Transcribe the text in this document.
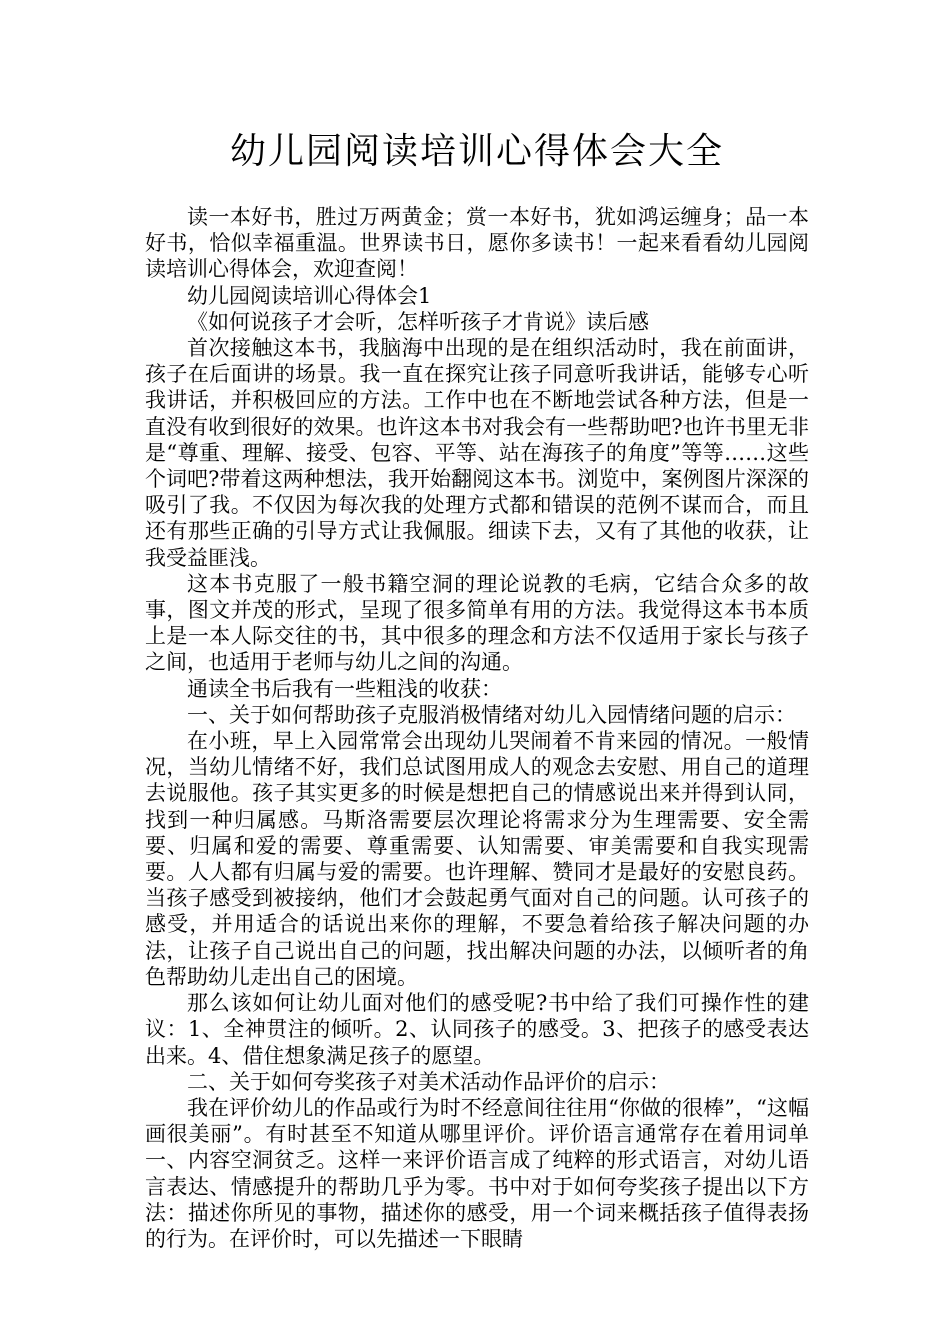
幼儿园阅读培训心得体会大全

读一本好书，胜过万两黄金；赏一本好书，犹如鸿运缠身；品一本好书，恰似幸福重温。世界读书日，愿你多读书！一起来看看幼儿园阅读培训心得体会，欢迎查阅！

幼儿园阅读培训心得体会1

《如何说孩子才会听，怎样听孩子才肯说》读后感

首次接触这本书，我脑海中出现的是在组织活动时，我在前面讲，孩子在后面讲的场景。我一直在探究让孩子同意听我讲话，能够专心听我讲话，并积极回应的方法。工作中也在不断地尝试各种方法，但是一直没有收到很好的效果。也许这本书对我会有一些帮助吧?也许书里无非是“尊重、理解、接受、包容、平等、站在海孩子的角度”等等……这些个词吧?带着这两种想法，我开始翻阅这本书。浏览中，案例图片深深的吸引了我。不仅因为每次我的处理方式都和错误的范例不谋而合，而且还有那些正确的引导方式让我佩服。细读下去，又有了其他的收获，让我受益匪浅。

这本书克服了一般书籍空洞的理论说教的毛病，它结合众多的故事，图文并茂的形式，呈现了很多简单有用的方法。我觉得这本书本质上是一本人际交往的书，其中很多的理念和方法不仅适用于家长与孩子之间，也适用于老师与幼儿之间的沟通。

通读全书后我有一些粗浅的收获：

一、关于如何帮助孩子克服消极情绪对幼儿入园情绪问题的启示：

在小班，早上入园常常会出现幼儿哭闹着不肯来园的情况。一般情况，当幼儿情绪不好，我们总试图用成人的观念去安慰、用自己的道理去说服他。孩子其实更多的时候是想把自己的情感说出来并得到认同，找到一种归属感。马斯洛需要层次理论将需求分为生理需要、安全需要、归属和爱的需要、尊重需要、认知需要、审美需要和自我实现需要。人人都有归属与爱的需要。也许理解、赞同才是最好的安慰良药。当孩子感受到被接纳，他们才会鼓起勇气面对自己的问题。认可孩子的感受，并用适合的话说出来你的理解，不要急着给孩子解决问题的办法，让孩子自己说出自己的问题，找出解决问题的办法，以倾听者的角色帮助幼儿走出自己的困境。

那么该如何让幼儿面对他们的感受呢?书中给了我们可操作性的建议：1、全神贯注的倾听。2、认同孩子的感受。3、把孩子的感受表达出来。4、借住想象满足孩子的愿望。

二、关于如何夸奖孩子对美术活动作品评价的启示：

我在评价幼儿的作品或行为时不经意间往往用“你做的很棒”，“这幅画很美丽”。有时甚至不知道从哪里评价。评价语言通常存在着用词单一、内容空洞贫乏。这样一来评价语言成了纯粹的形式语言，对幼儿语言表达、情感提升的帮助几乎为零。书中对于如何夸奖孩子提出以下方法：描述你所见的事物，描述你的感受，用一个词来概括孩子值得表扬的行为。在评价时，可以先描述一下眼睛
